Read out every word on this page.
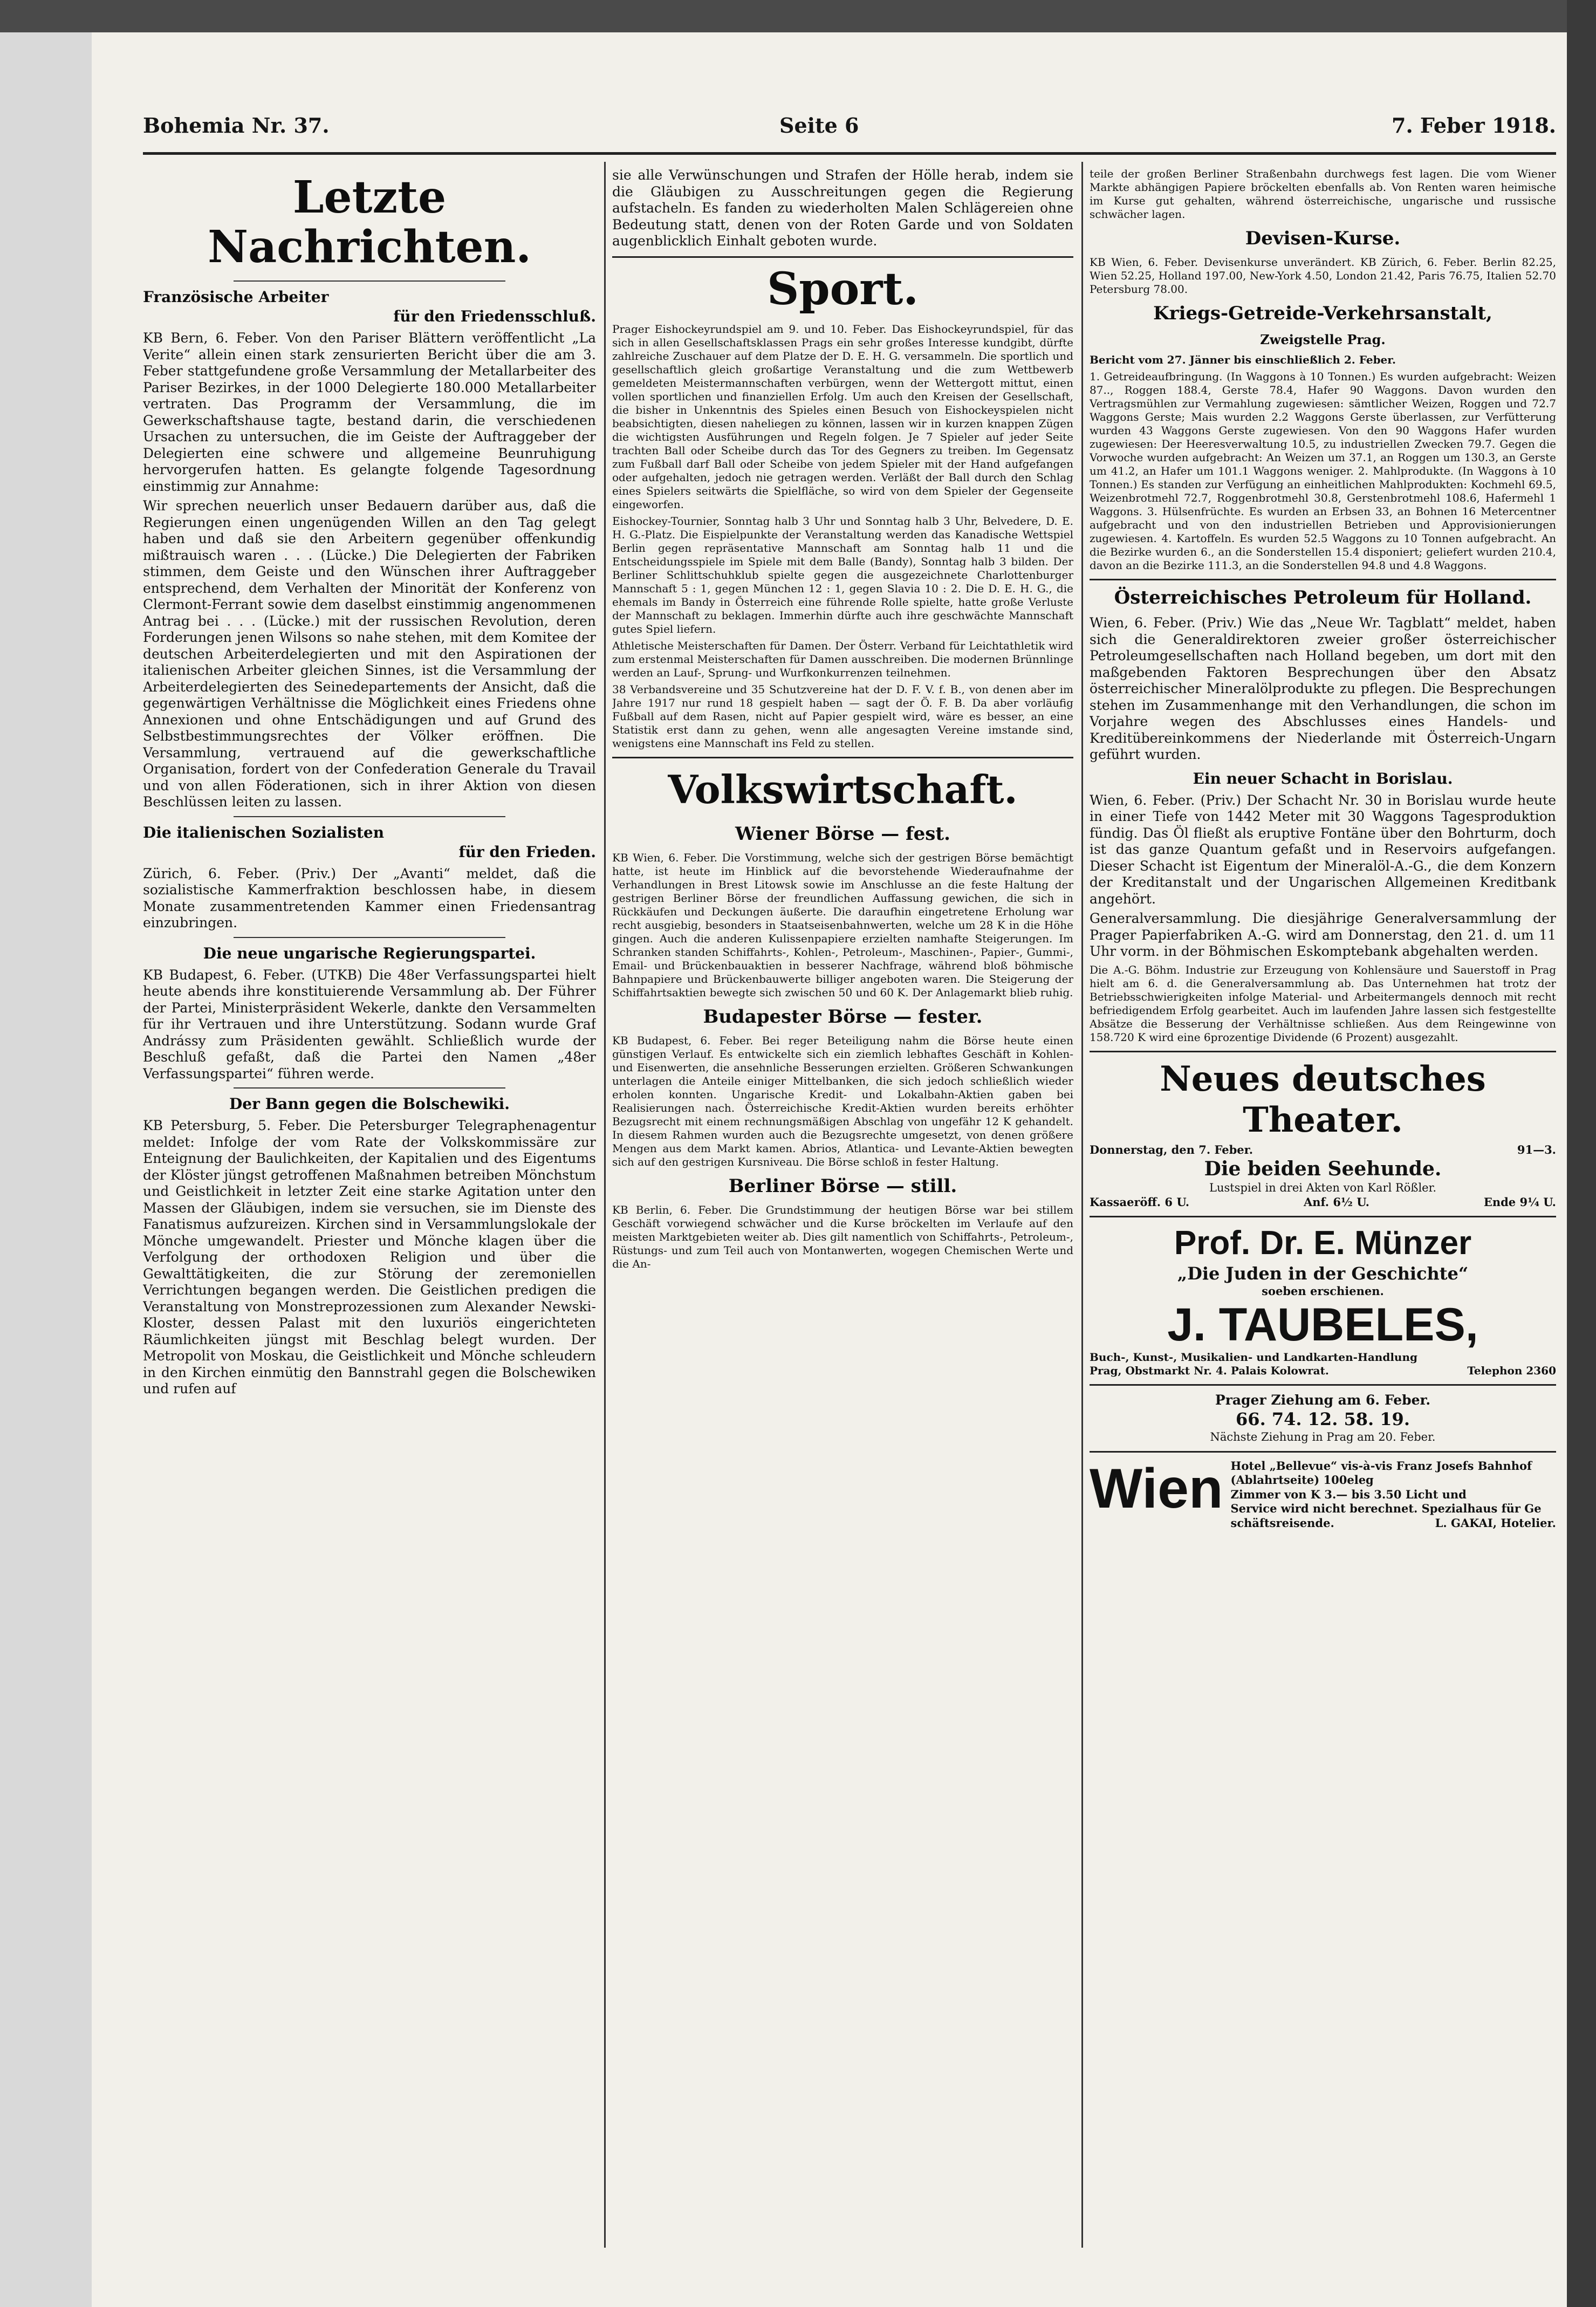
Bohemia Nr. 37.	Seite 6	7. Feber 1918.
Letzte Nachrichten.
Französische Arbeiter
für den Friedensschluß.

KB Bern, 6. Feber. Von den Pariser Blättern veröffentlicht „La Verite“ allein einen stark zensurierten Bericht über die am 3. Feber stattgefundene große Versammlung der Metallarbeiter des Pariser Bezirkes, in der 1000 Delegierte 180.000 Metallarbeiter vertraten. Das Programm der Versammlung, die im Gewerkschaftshause tagte, bestand darin, die verschiedenen Ursachen zu untersuchen, die im Geiste der Auftraggeber der Delegierten eine schwere und allgemeine Beunruhigung hervorgerufen hatten. Es gelangte folgende Tagesordnung einstimmig zur Annahme:

Wir sprechen neuerlich unser Bedauern darüber aus, daß die Regierungen einen ungenügenden Willen an den Tag gelegt haben und daß sie den Arbeitern gegenüber offenkundig mißtrauisch waren . . . (Lücke.) Die Delegierten der Fabriken stimmen, dem Geiste und den Wünschen ihrer Auftraggeber entsprechend, dem Verhalten der Minorität der Konferenz von Clermont-Ferrant sowie dem daselbst einstimmig angenommenen Antrag bei . . . (Lücke.) mit der russischen Revolution, deren Forderungen jenen Wilsons so nahe stehen, mit dem Komitee der deutschen Arbeiterdelegierten und mit den Aspirationen der italienischen Arbeiter gleichen Sinnes, ist die Versammlung der Arbeiterdelegierten des Seinedepartements der Ansicht, daß die gegenwärtigen Verhältnisse die Möglichkeit eines Friedens ohne Annexionen und ohne Entschädigungen und auf Grund des Selbstbestimmungsrechtes der Völker eröffnen. Die Versammlung, vertrauend auf die gewerkschaftliche Organisation, fordert von der Confederation Generale du Travail und von allen Föderationen, sich in ihrer Aktion von diesen Beschlüssen leiten zu lassen.

Die italienischen Sozialisten
für den Frieden.

Zürich, 6. Feber. (Priv.) Der „Avanti“ meldet, daß die sozialistische Kammerfraktion beschlossen habe, in diesem Monate zusammentretenden Kammer einen Friedensantrag einzubringen.

Die neue ungarische Regierungspartei.

KB Budapest, 6. Feber. (UTKB) Die 48er Verfassungspartei hielt heute abends ihre konstituierende Versammlung ab. Der Führer der Partei, Ministerpräsident Wekerle, dankte den Versammelten für ihr Vertrauen und ihre Unterstützung. Sodann wurde Graf Andrássy zum Präsidenten gewählt. Schließlich wurde der Beschluß gefaßt, daß die Partei den Namen „48er Verfassungspartei“ führen werde.

Der Bann gegen die Bolschewiki.

KB Petersburg, 5. Feber. Die Petersburger Telegraphenagentur meldet: Infolge der vom Rate der Volkskommissäre zur Enteignung der Baulichkeiten, der Kapitalien und des Eigentums der Klöster jüngst getroffenen Maßnahmen betreiben Mönchstum und Geistlichkeit in letzter Zeit eine starke Agitation unter den Massen der Gläubigen, indem sie versuchen, sie im Dienste des Fanatismus aufzureizen. Kirchen sind in Versammlungslokale der Mönche umgewandelt. Priester und Mönche klagen über die Verfolgung der orthodoxen Religion und über die Gewalttätigkeiten, die zur Störung der zeremoniellen Verrichtungen begangen werden. Die Geistlichen predigen die Veranstaltung von Monstreprozessionen zum Alexander Newski-Kloster, dessen Palast mit den luxuriös eingerichteten Räumlichkeiten jüngst mit Beschlag belegt wurden. Der Metropolit von Moskau, die Geistlichkeit und Mönche schleudern in den Kirchen einmütig den Bannstrahl gegen die Bolschewiken und rufen auf

sie alle Verwünschungen und Strafen der Hölle herab, indem sie die Gläubigen zu Ausschreitungen gegen die Regierung aufstacheln. Es fanden zu wiederholten Malen Schlägereien ohne Bedeutung statt, denen von der Roten Garde und von Soldaten augenblicklich Einhalt geboten wurde.

Sport.

Prager Eishockeyrundspiel am 9. und 10. Feber. Das Eishockeyrundspiel, für das sich in allen Gesellschaftsklassen Prags ein sehr großes Interesse kundgibt, dürfte zahlreiche Zuschauer auf dem Platze der D. E. H. G. versammeln. Die sportlich und gesellschaftlich gleich großartige Veranstaltung und die zum Wettbewerb gemeldeten Meistermannschaften verbürgen, wenn der Wettergott mittut, einen vollen sportlichen und finanziellen Erfolg. Um auch den Kreisen der Gesellschaft, die bisher in Unkenntnis des Spieles einen Besuch von Eishockeyspielen nicht beabsichtigten, diesen naheliegen zu können, lassen wir in kurzen knappen Zügen die wichtigsten Ausführungen und Regeln folgen. Je 7 Spieler auf jeder Seite trachten Ball oder Scheibe durch das Tor des Gegners zu treiben. Im Gegensatz zum Fußball darf Ball oder Scheibe von jedem Spieler mit der Hand aufgefangen oder aufgehalten, jedoch nie getragen werden. Verläßt der Ball durch den Schlag eines Spielers seitwärts die Spielfläche, so wird von dem Spieler der Gegenseite eingeworfen.

Eishockey-Tournier, Sonntag halb 3 Uhr und Sonntag halb 3 Uhr, Belvedere, D. E. H. G.-Platz. Die Eispielpunkte der Veranstaltung werden das Kanadische Wettspiel Berlin gegen repräsentative Mannschaft am Sonntag halb 11 und die Entscheidungsspiele im Spiele mit dem Balle (Bandy), Sonntag halb 3 bilden. Der Berliner Schlittschuhklub spielte gegen die ausgezeichnete Charlottenburger Mannschaft 5 : 1, gegen München 12 : 1, gegen Slavia 10 : 2. Die D. E. H. G., die ehemals im Bandy in Österreich eine führende Rolle spielte, hatte große Verluste der Mannschaft zu beklagen. Immerhin dürfte auch ihre geschwächte Mannschaft gutes Spiel liefern.

Athletische Meisterschaften für Damen. Der Österr. Verband für Leichtathletik wird zum erstenmal Meisterschaften für Damen ausschreiben. Die modernen Brünnlinge werden an Lauf-, Sprung- und Wurfkonkurrenzen teilnehmen.

38 Verbandsvereine und 35 Schutzvereine hat der D. F. V. f. B., von denen aber im Jahre 1917 nur rund 18 gespielt haben — sagt der Ö. F. B. Da aber vorläufig Fußball auf dem Rasen, nicht auf Papier gespielt wird, wäre es besser, an eine Statistik erst dann zu gehen, wenn alle angesagten Vereine imstande sind, wenigstens eine Mannschaft ins Feld zu stellen.

Volkswirtschaft.
Wiener Börse — fest.

KB Wien, 6. Feber. Die Vorstimmung, welche sich der gestrigen Börse bemächtigt hatte, ist heute im Hinblick auf die bevorstehende Wiederaufnahme der Verhandlungen in Brest Litowsk sowie im Anschlusse an die feste Haltung der gestrigen Berliner Börse der freundlichen Auffassung gewichen, die sich in Rückkäufen und Deckungen äußerte. Die daraufhin eingetretene Erholung war recht ausgiebig, besonders in Staatseisenbahnwerten, welche um 28 K in die Höhe gingen. Auch die anderen Kulissenpapiere erzielten namhafte Steigerungen. Im Schranken standen Schiffahrts-, Kohlen-, Petroleum-, Maschinen-, Papier-, Gummi-, Email- und Brückenbauaktien in besserer Nachfrage, während bloß böhmische Bahnpapiere und Brückenbauwerte billiger angeboten waren. Die Steigerung der Schiffahrtsaktien bewegte sich zwischen 50 und 60 K. Der Anlagemarkt blieb ruhig.

Budapester Börse — fester.

KB Budapest, 6. Feber. Bei reger Beteiligung nahm die Börse heute einen günstigen Verlauf. Es entwickelte sich ein ziemlich lebhaftes Geschäft in Kohlen- und Eisenwerten, die ansehnliche Besserungen erzielten. Größeren Schwankungen unterlagen die Anteile einiger Mittelbanken, die sich jedoch schließlich wieder erholen konnten. Ungarische Kredit- und Lokalbahn-Aktien gaben bei Realisierungen nach. Österreichische Kredit-Aktien wurden bereits erhöhter Bezugsrecht mit einem rechnungsmäßigen Abschlag von ungefähr 12 K gehandelt. In diesem Rahmen wurden auch die Bezugsrechte umgesetzt, von denen größere Mengen aus dem Markt kamen. Abrios, Atlantica- und Levante-Aktien bewegten sich auf den gestrigen Kursniveau. Die Börse schloß in fester Haltung.

Berliner Börse — still.

KB Berlin, 6. Feber. Die Grundstimmung der heutigen Börse war bei stillem Geschäft vorwiegend schwächer und die Kurse bröckelten im Verlaufe auf den meisten Marktgebieten weiter ab. Dies gilt namentlich von Schiffahrts-, Petroleum-, Rüstungs- und zum Teil auch von Montanwerten, wogegen Chemischen Werte und die An-

teile der großen Berliner Straßenbahn durchwegs fest lagen. Die vom Wiener Markte abhängigen Papiere bröckelten ebenfalls ab. Von Renten waren heimische im Kurse gut gehalten, während österreichische, ungarische und russische schwächer lagen.

Devisen-Kurse.

KB Wien, 6. Feber. Devisenkurse unverändert. KB Zürich, 6. Feber. Berlin 82.25, Wien 52.25, Holland 197.00, New-York 4.50, London 21.42, Paris 76.75, Italien 52.70 Petersburg 78.00.

Kriegs-Getreide-Verkehrsanstalt,
Zweigstelle Prag.

Bericht vom 27. Jänner bis einschließlich 2. Feber.

1. Getreideaufbringung. (In Waggons à 10 Tonnen.) Es wurden aufgebracht: Weizen 87.., Roggen 188.4, Gerste 78.4, Hafer 90 Waggons. Davon wurden den Vertragsmühlen zur Vermahlung zugewiesen: sämtlicher Weizen, Roggen und 72.7 Waggons Gerste; Mais wurden 2.2 Waggons Gerste überlassen, zur Verfütterung wurden 43 Waggons Gerste zugewiesen. Von den 90 Waggons Hafer wurden zugewiesen: Der Heeresverwaltung 10.5, zu industriellen Zwecken 79.7. Gegen die Vorwoche wurden aufgebracht: An Weizen um 37.1, an Roggen um 130.3, an Gerste um 41.2, an Hafer um 101.1 Waggons weniger. 2. Mahlprodukte. (In Waggons à 10 Tonnen.) Es standen zur Verfügung an einheitlichen Mahlprodukten: Kochmehl 69.5, Weizenbrotmehl 72.7, Roggenbrotmehl 30.8, Gerstenbrotmehl 108.6, Hafermehl 1 Waggons. 3. Hülsenfrüchte. Es wurden an Erbsen 33, an Bohnen 16 Metercentner aufgebracht und von den industriellen Betrieben und Approvisionierungen zugewiesen. 4. Kartoffeln. Es wurden 52.5 Waggons zu 10 Tonnen aufgebracht. An die Bezirke wurden 6., an die Sonderstellen 15.4 disponiert; geliefert wurden 210.4, davon an die Bezirke 111.3, an die Sonderstellen 94.8 und 4.8 Waggons.

Österreichisches Petroleum für Holland.

Wien, 6. Feber. (Priv.) Wie das „Neue Wr. Tagblatt“ meldet, haben sich die Generaldirektoren zweier großer österreichischer Petroleumgesellschaften nach Holland begeben, um dort mit den maßgebenden Faktoren Besprechungen über den Absatz österreichischer Mineralölprodukte zu pflegen. Die Besprechungen stehen im Zusammenhange mit den Verhandlungen, die schon im Vorjahre wegen des Abschlusses eines Handels- und Kreditübereinkommens der Niederlande mit Österreich-Ungarn geführt wurden.

Ein neuer Schacht in Borislau.

Wien, 6. Feber. (Priv.) Der Schacht Nr. 30 in Borislau wurde heute in einer Tiefe von 1442 Meter mit 30 Waggons Tagesproduktion fündig. Das Öl fließt als eruptive Fontäne über den Bohrturm, doch ist das ganze Quantum gefaßt und in Reservoirs aufgefangen. Dieser Schacht ist Eigentum der Mineralöl-A.-G., die dem Konzern der Kreditanstalt und der Ungarischen Allgemeinen Kreditbank angehört.

Generalversammlung. Die diesjährige Generalversammlung der Prager Papierfabriken A.-G. wird am Donnerstag, den 21. d. um 11 Uhr vorm. in der Böhmischen Eskomptebank abgehalten werden.

Die A.-G. Böhm. Industrie zur Erzeugung von Kohlensäure und Sauerstoff in Prag hielt am 6. d. die Generalversammlung ab. Das Unternehmen hat trotz der Betriebsschwierigkeiten infolge Material- und Arbeitermangels dennoch mit recht befriedigendem Erfolg gearbeitet. Auch im laufenden Jahre lassen sich festgestellte Absätze die Besserung der Verhältnisse schließen. Aus dem Reingewinne von 158.720 K wird eine 6prozentige Dividende (6 Prozent) ausgezahlt.

Neues deutsches Theater.
Donnerstag, den 7. Feber.	91—3.
Die beiden Seehunde.
Lustspiel in drei Akten von Karl Rößler.
Kassaeröff. 6 U.	Anf. 6½ U.	Ende 9¼ U.
Prof. Dr. E. Münzer
„Die Juden in der Geschichte“
soeben erschienen.
J. TAUBELES,
Buch-, Kunst-, Musikalien- und Landkarten-Handlung
Prag, Obstmarkt Nr. 4. Palais Kolowrat.	Telephon 2360
Prager Ziehung am 6. Feber.
66. 74. 12. 58. 19.
Nächste Ziehung in Prag am 20. Feber.
Wien Hotel „Bellevue“ vis-à-vis Franz Josefs Bahnhof (Ablahrtseite) 100eleg
Zimmer von K 3.— bis 3.50 Licht und
Service wird nicht berechnet. Spezialhaus für Ge
schäftsreisende.	L. GAKAI, Hotelier.
